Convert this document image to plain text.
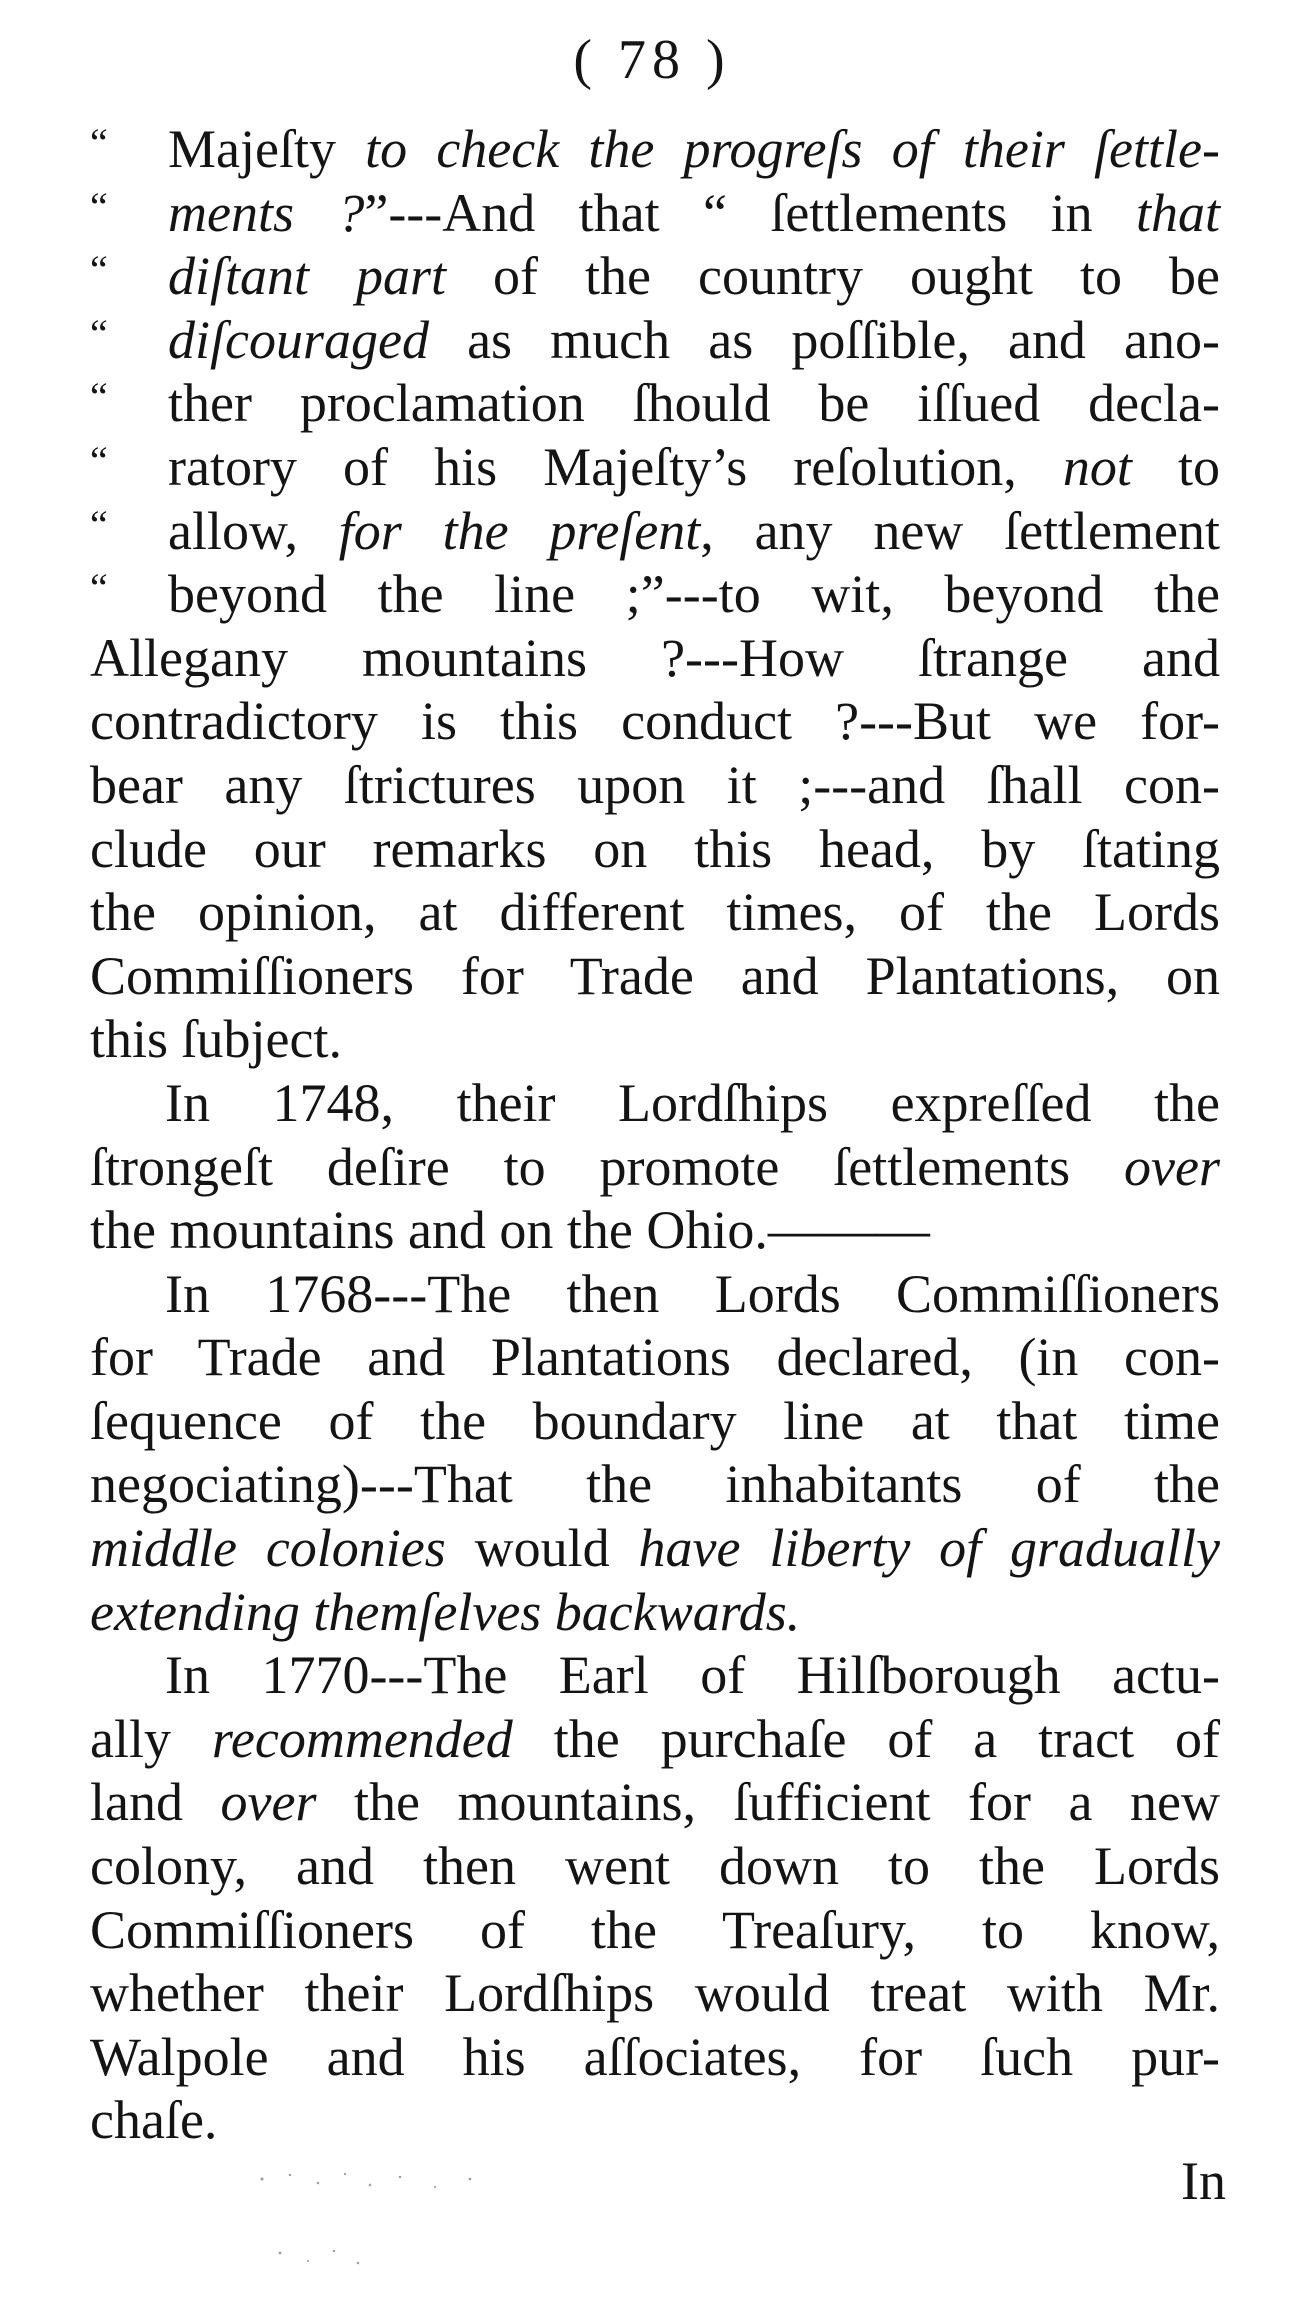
( 78 )
“ Majeſty to check the progreſs of their ſettle-
“ ments ?”---And that “ ſettlements in that
“ diſtant part of the country ought to be
“ diſcouraged as much as poſſible, and ano-
“ ther proclamation ſhould be iſſued decla-
“ ratory of his Majeſty’s reſolution, not to
“ allow, for the preſent, any new ſettlement
“ beyond the line ;”---to wit, beyond the
Allegany mountains ?---How ſtrange and
contradictory is this conduct ?---But we for-
bear any ſtrictures upon it ;---and ſhall con-
clude our remarks on this head, by ſtating
the opinion, at different times, of the Lords
Commiſſioners for Trade and Plantations, on
this ſubject.
In 1748, their Lordſhips expreſſed the
ſtrongeſt deſire to promote ſettlements over
the mountains and on the Ohio.———
In 1768---The then Lords Commiſſioners
for Trade and Plantations declared, (in con-
ſequence of the boundary line at that time
negociating)---That the inhabitants of the
middle colonies would have liberty of gradually
extending themſelves backwards.
In 1770---The Earl of Hilſborough actu-
ally recommended the purchaſe of a tract of
land over the mountains, ſufficient for a new
colony, and then went down to the Lords
Commiſſioners of the Treaſury, to know,
whether their Lordſhips would treat with Mr.
Walpole and his aſſociates, for ſuch pur-
chaſe.
In
